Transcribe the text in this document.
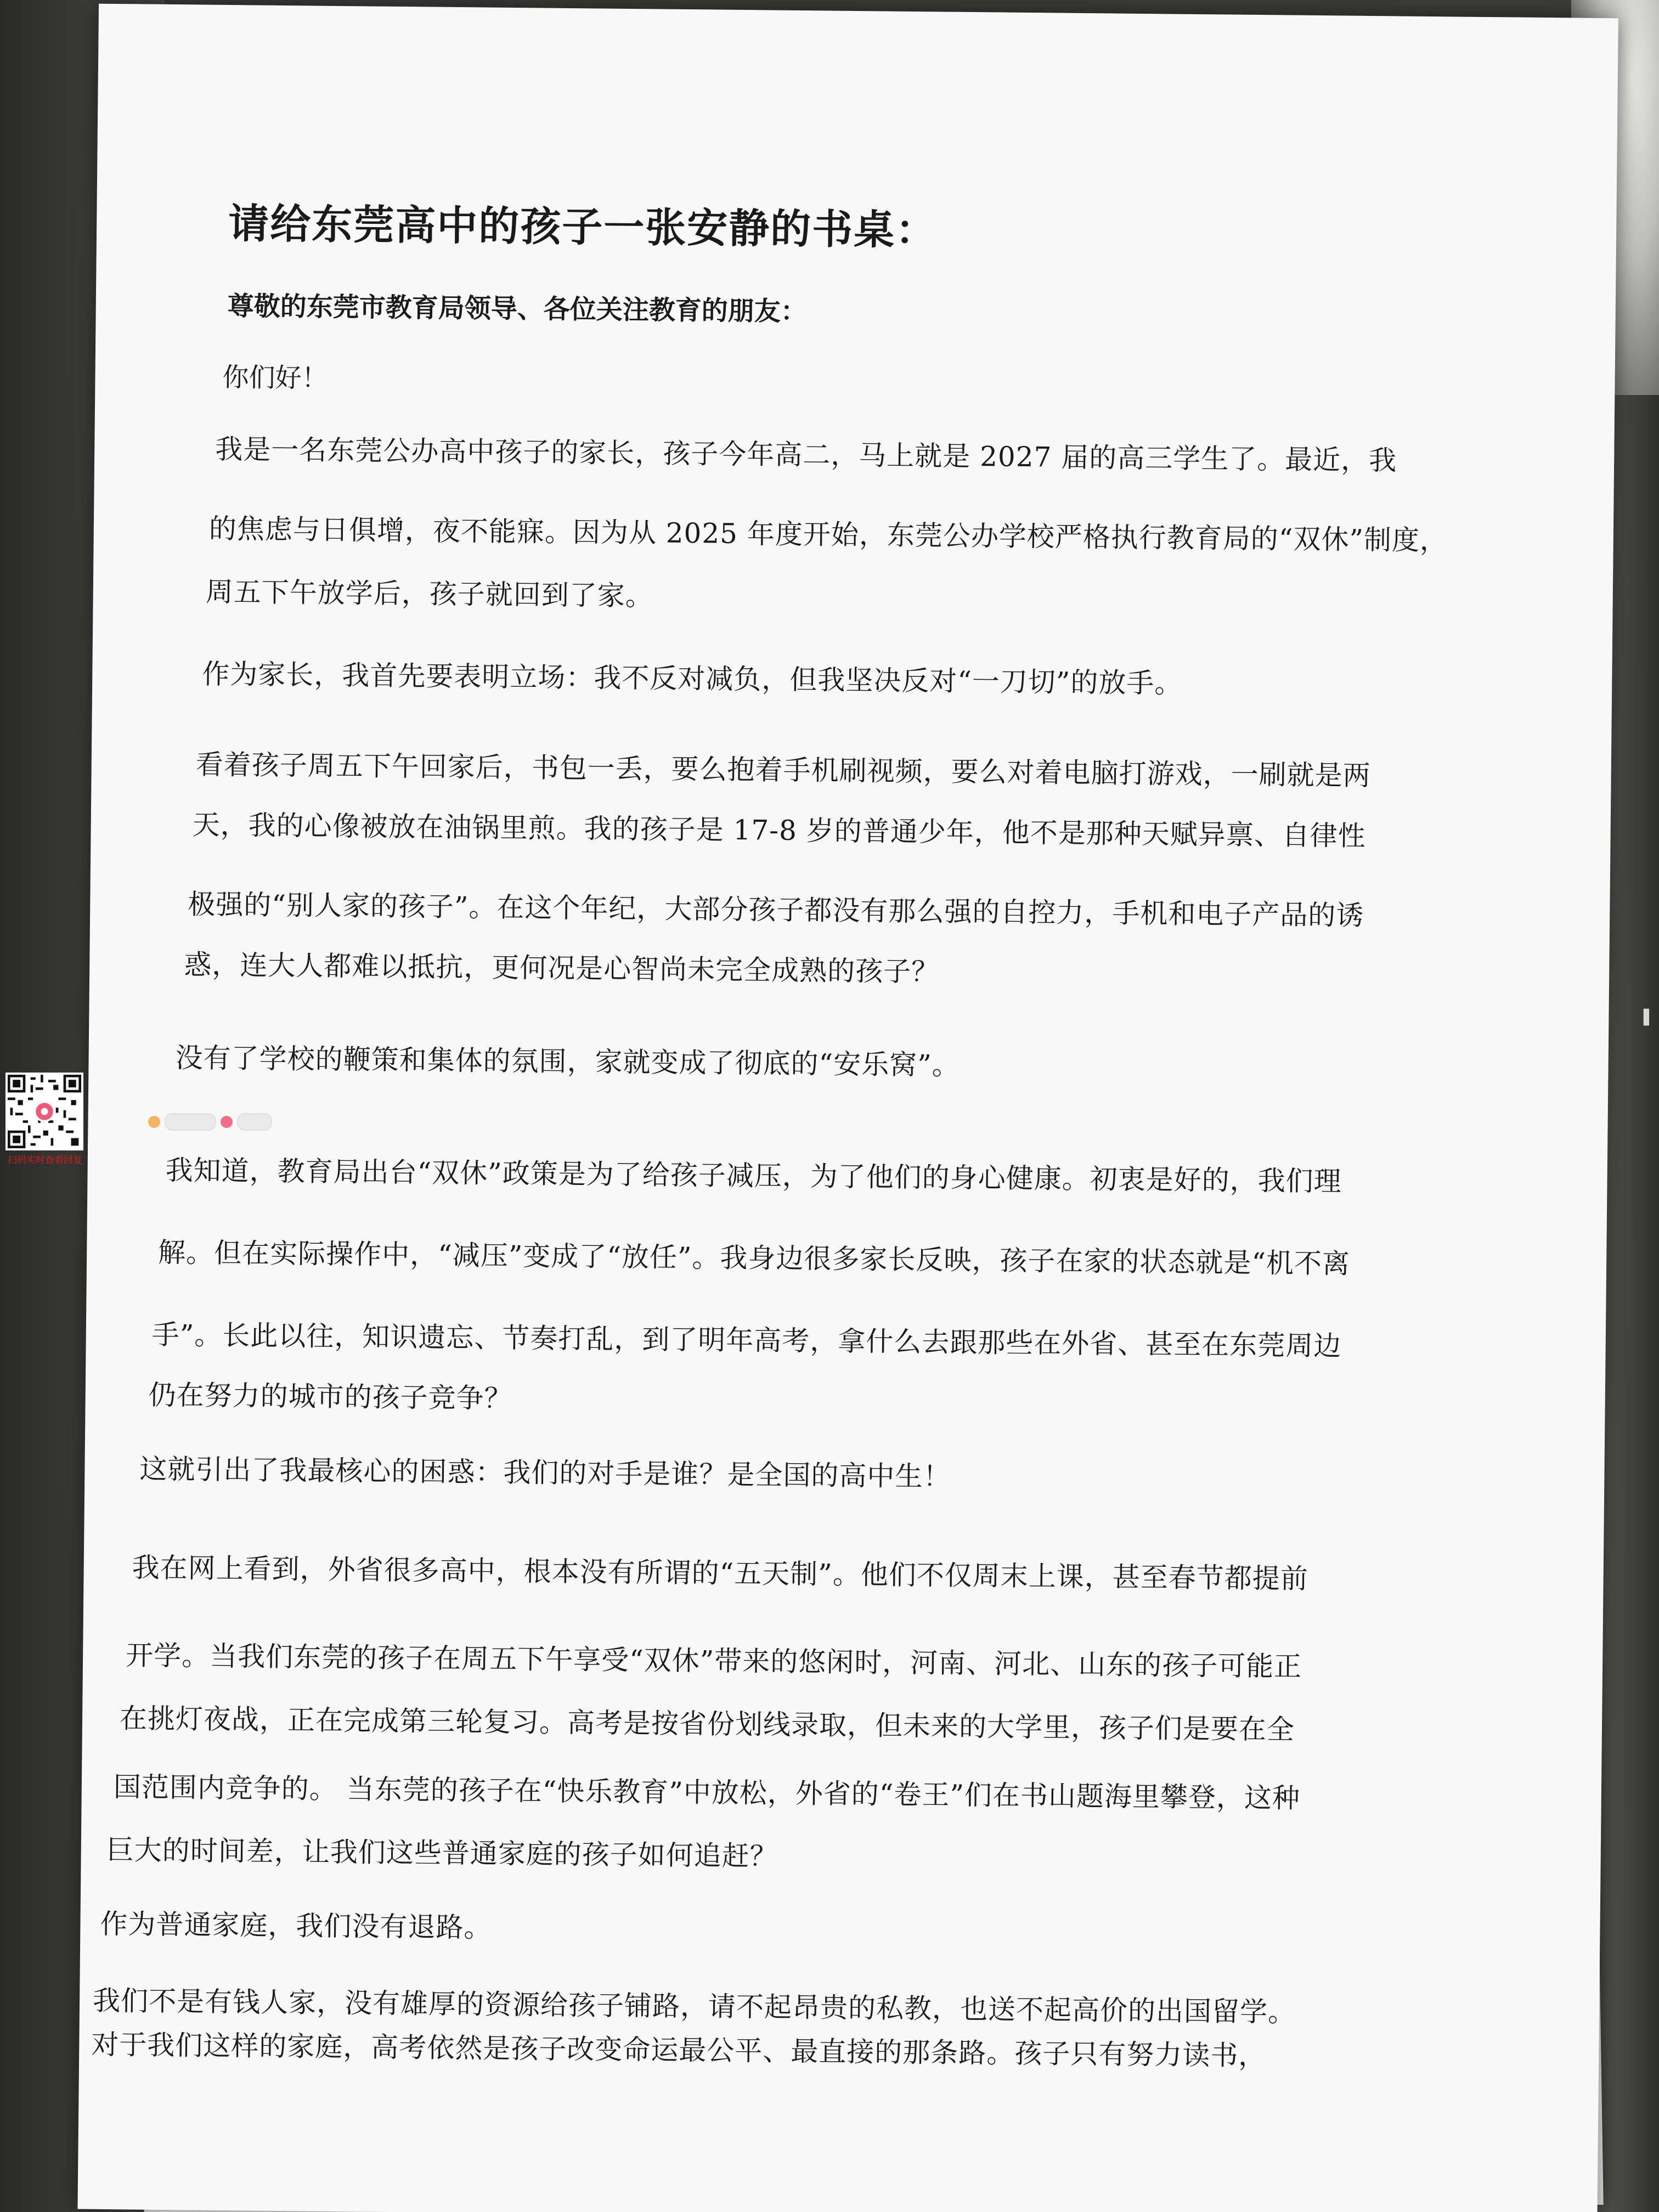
请给东莞高中的孩子一张安静的书桌：
尊敬的东莞市教育局领导、各位关注教育的朋友：
你们好！
我是一名东莞公办高中孩子的家长，孩子今年高二，马上就是 2027 届的高三学生了。最近，我
的焦虑与日俱增，夜不能寐。因为从 2025 年度开始，东莞公办学校严格执行教育局的“双休”制度，
周五下午放学后，孩子就回到了家。
作为家长，我首先要表明立场：我不反对减负，但我坚决反对“一刀切”的放手。
看着孩子周五下午回家后，书包一丢，要么抱着手机刷视频，要么对着电脑打游戏，一刷就是两
天，我的心像被放在油锅里煎。我的孩子是 17-8 岁的普通少年，他不是那种天赋异禀、自律性
极强的“别人家的孩子”。在这个年纪，大部分孩子都没有那么强的自控力，手机和电子产品的诱
惑，连大人都难以抵抗，更何况是心智尚未完全成熟的孩子？
没有了学校的鞭策和集体的氛围，家就变成了彻底的“安乐窝”。
我知道，教育局出台“双休”政策是为了给孩子减压，为了他们的身心健康。初衷是好的，我们理
解。但在实际操作中，“减压”变成了“放任”。我身边很多家长反映，孩子在家的状态就是“机不离
手”。长此以往，知识遗忘、节奏打乱，到了明年高考，拿什么去跟那些在外省、甚至在东莞周边
仍在努力的城市的孩子竞争？
这就引出了我最核心的困惑：我们的对手是谁？是全国的高中生！
我在网上看到，外省很多高中，根本没有所谓的“五天制”。他们不仅周末上课，甚至春节都提前
开学。当我们东莞的孩子在周五下午享受“双休”带来的悠闲时，河南、河北、山东的孩子可能正
在挑灯夜战，正在完成第三轮复习。高考是按省份划线录取，但未来的大学里，孩子们是要在全
国范围内竞争的。 当东莞的孩子在“快乐教育”中放松，外省的“卷王”们在书山题海里攀登，这种
巨大的时间差，让我们这些普通家庭的孩子如何追赶？
作为普通家庭，我们没有退路。
我们不是有钱人家，没有雄厚的资源给孩子铺路，请不起昂贵的私教，也送不起高价的出国留学。
对于我们这样的家庭，高考依然是孩子改变命运最公平、最直接的那条路。孩子只有努力读书，
扫码实时查看回复
▌
